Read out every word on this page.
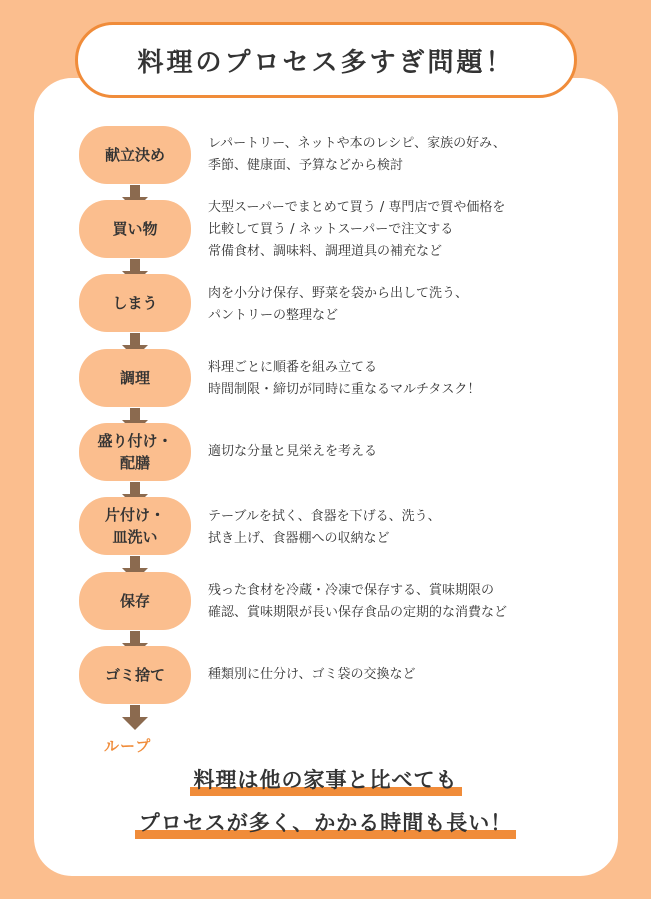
料理のプロセス多すぎ問題！
献立決め
レパートリー、ネットや本のレシピ、家族の好み、
季節、健康面、予算などから検討
買い物
大型スーパーでまとめて買う / 専門店で質や価格を
比較して買う / ネットスーパーで注文する
常備食材、調味料、調理道具の補充など
しまう
肉を小分け保存、野菜を袋から出して洗う、
パントリーの整理など
調理
料理ごとに順番を組み立てる
時間制限・締切が同時に重なるマルチタスク！
盛り付け・
配膳
適切な分量と見栄えを考える
片付け・
皿洗い
テーブルを拭く、食器を下げる、洗う、
拭き上げ、食器棚への収納など
保存
残った食材を冷蔵・冷凍で保存する、賞味期限の
確認、賞味期限が長い保存食品の定期的な消費など
ゴミ捨て	種類別に仕分け、ゴミ袋の交換など
ループ
料理は他の家事と比べても
プロセスが多く、かかる時間も長い！
